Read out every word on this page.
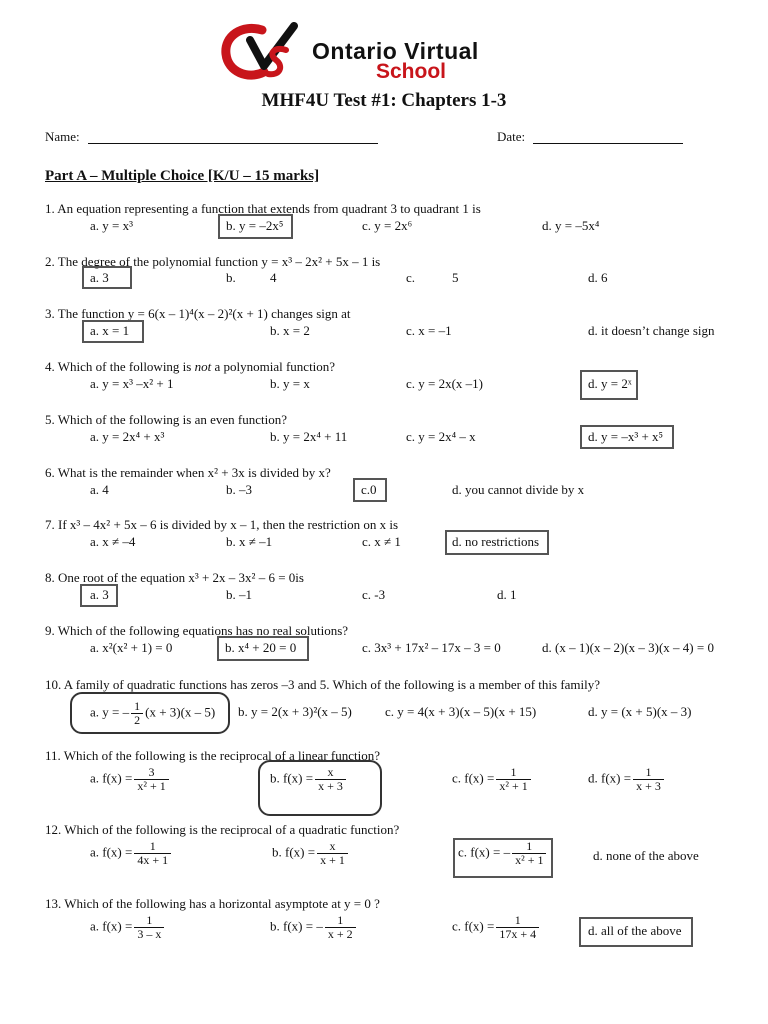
Ontario Virtual
School
MHF4U Test #1: Chapters 1-3
Name:	Date:
Part A – Multiple Choice [K/U – 15 marks]
1. An equation representing a function that extends from quadrant 3 to quadrant 1 is
a. y = x³	b. y = –2x⁵	c. y = 2x⁶	d. y = –5x⁴
2. The degree of the polynomial function y = x³ – 2x² + 5x – 1 is
a. 3	b.	4	c.	5	d. 6
3. The function y = 6(x – 1)⁴(x – 2)²(x + 1) changes sign at
a. x = 1	b. x = 2	c. x = –1	d. it doesn’t change sign
4. Which of the following is not a polynomial function?
a. y = x³ –x² + 1	b. y = x	c. y = 2x(x –1)	d. y = 2ˣ
5. Which of the following is an even function?
a. y = 2x⁴ + x³	b. y = 2x⁴ + 11	c. y = 2x⁴ – x	d. y = –x³ + x⁵
6. What is the remainder when x² + 3x is divided by x?
a. 4	b. –3	c.0	d. you cannot divide by x
7. If x³ – 4x² + 5x – 6 is divided by x – 1, then the restriction on x is
a. x ≠ –4	b. x ≠ –1	c. x ≠ 1	d. no restrictions
8. One root of the equation x³ + 2x – 3x² – 6 = 0is
a. 3	b. –1	c. -3	d. 1
9. Which of the following equations has no real solutions?
a. x²(x² + 1) = 0	b. x⁴ + 20 = 0	c. 3x³ + 17x² – 17x – 3 = 0	d. (x – 1)(x – 2)(x – 3)(x – 4) = 0
10. A family of quadratic functions has zeros –3 and 5. Which of the following is a member of this family?
a. y = – $\frac{1}{2} (x + 3)(x - 5)$ b. y = 2(x + 3)²(x – 5)	c. y = 4(x + 3)(x – 5)(x + 15)	d. y = (x + 5)(x – 3)
11. Which of the following is the reciprocal of a linear function?
a. $f(x) = \frac{3}{\text{x² + 1}}$	b. $f(x) = \frac{x}{x + 3}$	c. $f(x) = \frac{1}{\text{x² + 1}}$	d. $f(x) = \frac{1}{x + 3}$
12. Which of the following is the reciprocal of a quadratic function?
a. $f(x) = \frac{1}{4x + 1}$	b. $f(x) = \frac{x}{x + 1}$	c. f(x) = – $\frac{1}{\text{x² + 1}}$	d. none of the above
13. Which of the following has a horizontal asymptote at y = 0 ?
a. $f(x) = \frac{1}{3 - x}$	b. f(x) = – $\frac{1}{x + 2}$	c. $f(x) = \frac{1}{17x + 4}$	d. all of the above
